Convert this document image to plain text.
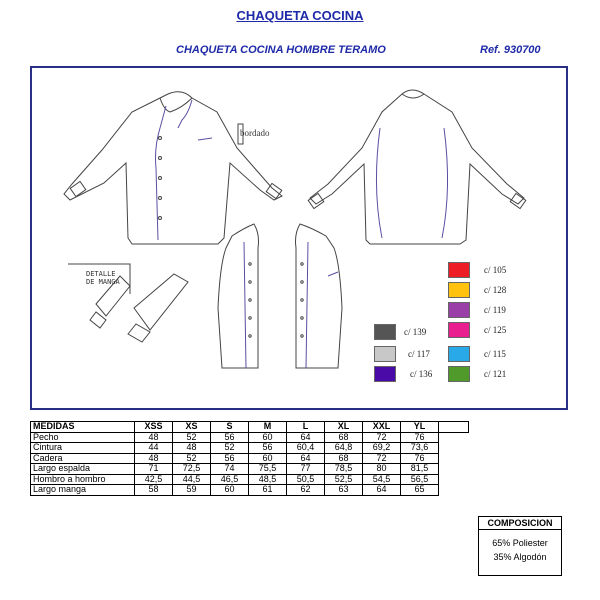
CHAQUETA COCINA
CHAQUETA COCINA HOMBRE TERAMO	Ref. 930700
bordado
DETALLE
DE MANGA
c/ 139
c/ 117
c/ 136
c/ 105
c/ 128
c/ 119
c/ 125
c/ 115
c/ 121
MEDIDAS	XSS	XS	S	M	L	XL	XXL	YL	
Pecho	48	52	56	60	64	68	72	76	
Cintura	44	48	52	56	60,4	64,8	69,2	73,6	
Cadera	48	52	56	60	64	68	72	76	
Largo espalda	71	72,5	74	75,5	77	78,5	80	81,5	
Hombro a hombro	42,5	44,5	46,5	48,5	50,5	52,5	54,5	56,5	
Largo manga	58	59	60	61	62	63	64	65	
COMPOSICION
65% Poliester
35% Algodón
